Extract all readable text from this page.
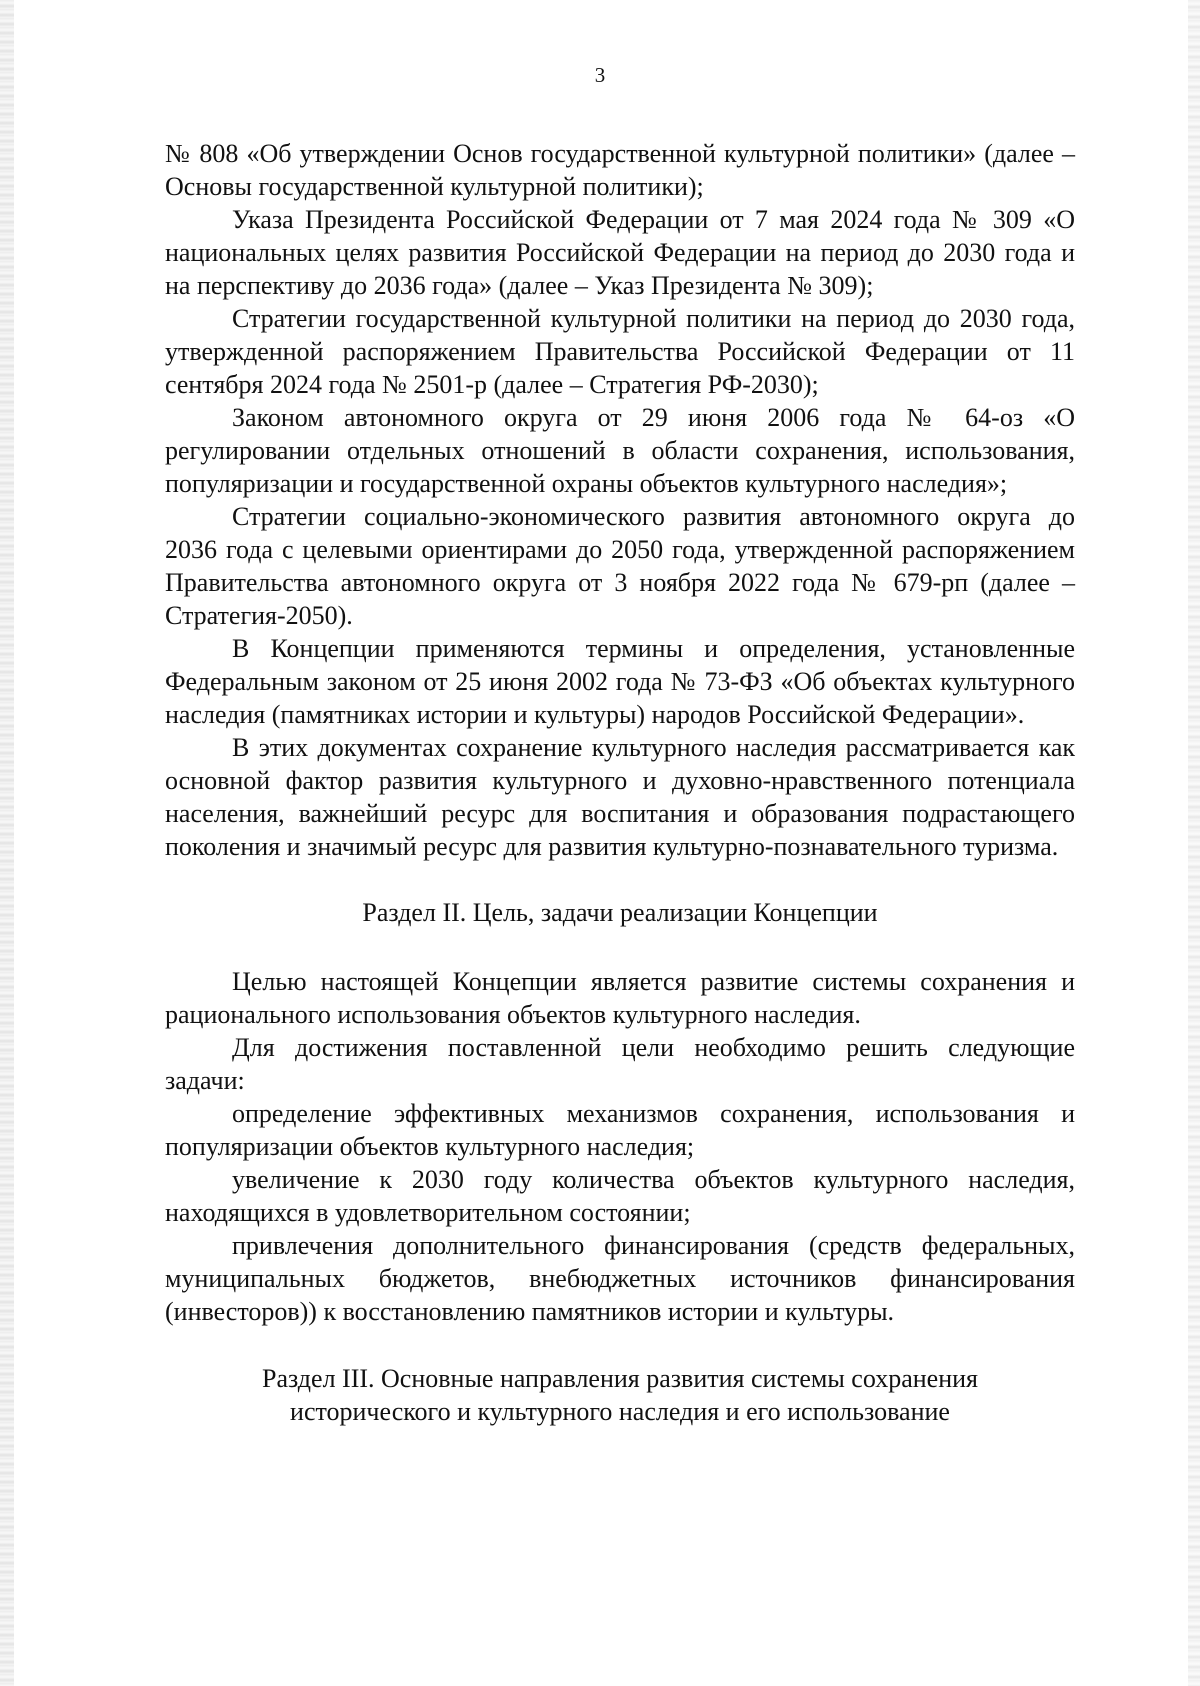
3

№ 808 «Об утверждении Основ государственной культурной политики» (далее – Основы государственной культурной политики);

Указа Президента Российской Федерации от 7 мая 2024 года № 309 «О национальных целях развития Российской Федерации на период до 2030 года и на перспективу до 2036 года» (далее – Указ Президента № 309);

Стратегии государственной культурной политики на период до 2030 года, утвержденной распоряжением Правительства Российской Федерации от 11 сентября 2024 года № 2501-р (далее – Стратегия РФ-2030);

Законом автономного округа от 29 июня 2006 года № 64-оз «О регулировании отдельных отношений в области сохранения, использования, популяризации и государственной охраны объектов культурного наследия»;

Стратегии социально-экономического развития автономного округа до 2036 года с целевыми ориентирами до 2050 года, утвержденной распоряжением Правительства автономного округа от 3 ноября 2022 года № 679-рп (далее – Стратегия-2050).

В Концепции применяются термины и определения, установленные Федеральным законом от 25 июня 2002 года № 73-ФЗ «Об объектах культурного наследия (памятниках истории и культуры) народов Российской Федерации».

В этих документах сохранение культурного наследия рассматривается как основной фактор развития культурного и духовно-нравственного потенциала населения, важнейший ресурс для воспитания и образования подрастающего поколения и значимый ресурс для развития культурно-познавательного туризма.

Раздел II. Цель, задачи реализации Концепции

Целью настоящей Концепции является развитие системы сохранения и рационального использования объектов культурного наследия.

Для достижения поставленной цели необходимо решить следующие задачи:

определение эффективных механизмов сохранения, использования и популяризации объектов культурного наследия;

увеличение к 2030 году количества объектов культурного наследия, находящихся в удовлетворительном состоянии;

привлечения дополнительного финансирования (средств федеральных, муниципальных бюджетов, внебюджетных источников финансирования (инвесторов)) к восстановлению памятников истории и культуры.

Раздел III. Основные направления развития системы сохранения исторического и культурного наследия и его использование
